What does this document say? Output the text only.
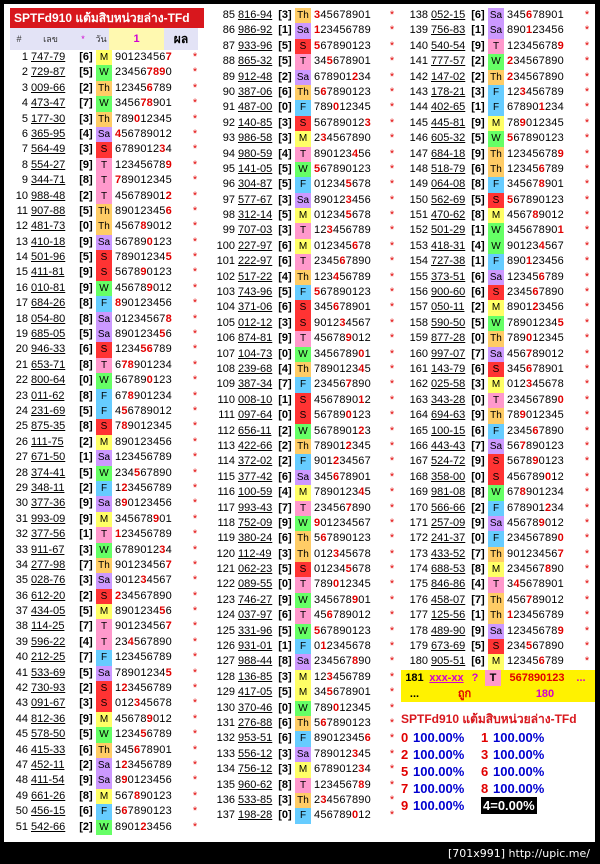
SPTFd910 แต้มสิบหน่วยล่าง-TFd
#	เลข	*	วัน	1	ผล
1 747-79	[6] M 901234567	*
2 729-87	[5] W 234567890	*
3 009-66	[2] Th 123456789	*
4 473-47	[7] W 345678901	*
5 177-30	[3] Th 789012345	*
6 365-95	[4] Sa 456789012	*
7 564-49	[3] S 678901234	*
8 554-27	[9] T 123456789	*
9 344-71	[8] T 789012345	*
10 988-48	[2] T 456789012	*
11 907-88	[5] Th 890123456	*
12 481-73	[0] Th 456789012	*
13 410-18	[9] Sa 567890123	*
14 501-96	[5] S 789012345	*
15 411-81	[9] S 567890123	*
16 010-81	[9] W 456789012	*
17 684-26	[8] F 890123456	*
18 054-80	[8] Sa 012345678	*
19 685-05	[5] Sa 890123456	*
20 946-33	[6] S 123456789	*
21 653-71	[8] T 678901234	*
22 800-64	[0] W 567890123	*
23 011-62	[8] F 678901234	*
24 231-69	[5] F 456789012	*
25 875-35	[8] S 789012345	*
26 111-75	[2] M 890123456	*
27 671-50	[1] Sa 123456789	*
28 374-41	[5] W 234567890	*
29 348-11	[2] F 123456789	*
30 377-36	[9] Sa 890123456	*
31 993-09	[9] M 345678901	*
32 377-56	[1] T 123456789	*
33 911-67	[3] W 678901234	*
34 277-98	[7] Th 901234567	*
35 028-76	[3] Sa 901234567	*
36 612-20	[2] S 234567890	*
37 434-05	[5] M 890123456	*
38 114-25	[7] T 901234567	*
39 596-22	[4] T 234567890	*
40 212-25	[7] F 123456789	*
41 533-69	[5] Sa 789012345	*
42 730-93	[2] S 123456789	*
43 091-67	[3] S 012345678	*
44 812-36	[9] M 456789012	*
45 578-50	[5] W 123456789	*
46 415-33	[6] Th 345678901	*
47 452-11	[2] Sa 123456789	*
48 411-54	[9] Sa 890123456	*
49 661-26	[8] M 567890123	*
50 456-15	[6] F 567890123	*
51 542-66	[2] W 890123456	*
85 816-94 [3] Th 345678901	*
86 986-92 [1] Sa 123456789	*
87 933-96 [5] S 567890123	*
88 865-32 [5] T 345678901	*
89 912-48 [2] Sa 678901234	*
90 387-06 [6] Th 567890123	*
91 487-00 [0] F 789012345	*
92 140-85 [3] S 567890123	*
93 986-58 [3] M 234567890	*
94 980-59 [4] T 890123456	*
95 141-05 [5] W 567890123	*
96 304-87 [5] F 012345678	*
97 577-67 [3] Sa 890123456	*
98 312-14 [5] M 012345678	*
99 707-03 [3] T 123456789	*
100 227-97 [6] M 012345678	*
101 222-97 [6] T 234567890	*
102 517-22 [4] Th 123456789	*
103 743-96 [5] F 567890123	*
104 371-06 [6] S 345678901	*
105 012-12 [3] S 901234567	*
106 874-81 [9] T 456789012	*
107 104-73 [0] W 345678901	*
108 239-68 [4] Th 789012345	*
109 387-34 [7] F 234567890	*
110 008-10 [1] S 456789012	*
111 097-64 [0] S 567890123	*
112 656-11 [2] W 567890123	*
113 422-66 [2] Th 789012345	*
114 372-02 [2] F 901234567	*
115 377-42 [6] Sa 345678901	*
116 100-59 [4] M 789012345	*
117 993-43 [7] T 234567890	*
118 752-09 [9] W 901234567	*
119 380-24 [6] Th 567890123	*
120 112-49 [3] Th 012345678	*
121 062-23 [5] S 012345678	*
122 089-55 [0] T 789012345	*
123 746-27 [9] W 345678901	*
124 037-97 [6] T 456789012	*
125 331-96 [5] W 567890123	*
126 931-01 [1] F 012345678	*
127 988-44 [8] Sa 234567890	*
128 136-85 [3] M 123456789	*
129 417-05 [5] M 345678901	*
130 370-46 [0] W 789012345	*
131 276-88 [6] Th 567890123	*
132 953-51 [6] F 890123456	*
133 556-12 [3] Sa 789012345	*
134 756-12 [3] M 678901234	*
135 960-62 [8] T 123456789	*
136 533-85 [3] Th 234567890	*
137 198-28 [0] F 456789012	*
138 052-15 [6] Sa 345678901	*
139 756-83 [1] Sa 890123456	*
140 540-54 [9] T 123456789	*
141 777-57 [2] W 234567890	*
142 147-02 [2] Th 234567890	*
143 178-21 [3] F 123456789	*
144 402-65 [1] F 678901234	*
145 445-81 [9] M 789012345	*
146 605-32 [5] W 567890123	*
147 684-18 [9] Th 123456789	*
148 518-79 [6] Th 123456789	*
149 064-08 [8] F 345678901	*
150 562-69 [5] S 567890123	*
151 470-62 [8] M 456789012	*
152 501-29 [1] W 345678901	*
153 418-31 [4] W 901234567	*
154 727-38 [1] F 890123456	*
155 373-51 [6] Sa 123456789	*
156 900-60 [6] S 234567890	*
157 050-11 [2] M 890123456	*
158 590-50 [5] W 789012345	*
159 877-28 [0] Th 789012345	*
160 997-07 [7] Sa 456789012	*
161 143-79 [6] S 345678901	*
162 025-58 [3] M 012345678	*
163 343-28 [0] T 234567890	*
164 694-63 [9] Th 789012345	*
165 100-15 [6] F 234567890	*
166 443-43 [7] Sa 567890123	*
167 524-72 [9] S 567890123	*
168 358-00 [0] S 456789012	*
169 981-08 [8] W 678901234	*
170 566-66 [2] F 678901234	*
171 257-09 [9] Sa 456789012	*
172 241-37 [0] F 234567890	*
173 433-52 [7] Th 901234567	*
174 688-53 [8] M 234567890	*
175 846-86 [4] T 345678901	*
176 458-07 [7] Th 456789012	*
177 125-56 [1] Th 123456789	*
178 489-90 [9] Sa 123456789	*
179 673-69 [5] S 234567890	*
180 905-51 [6] M 123456789	*
181 xxx-xx ?	T	567890123	...
...	ถูก	180
SPTFd910 แต้มสิบหน่วยล่าง-TFd
0 100.00%	1 100.00%
2 100.00%	3 100.00%
5 100.00%	6 100.00%
7 100.00%	8 100.00%
9 100.00%	4=0.00%
[701x991] http://upic.me/
